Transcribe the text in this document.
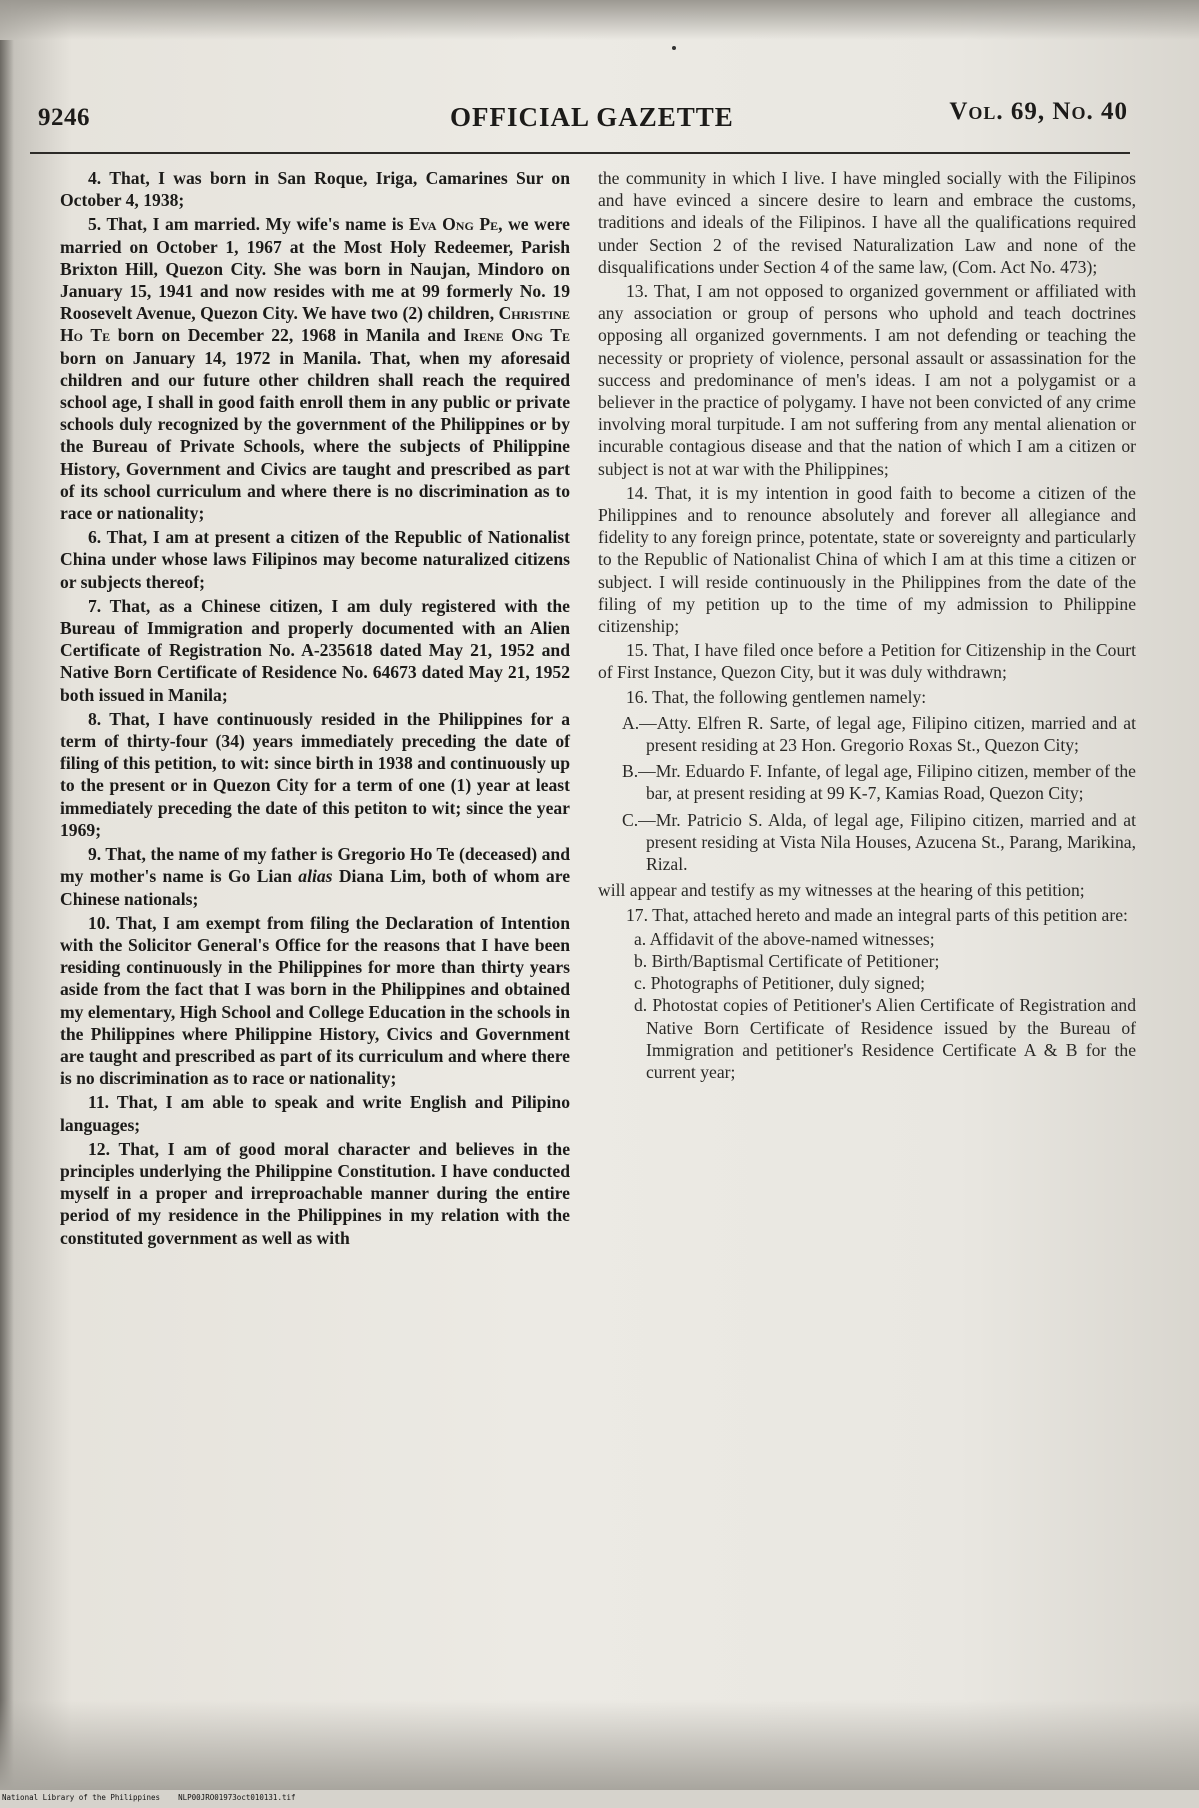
9246	OFFICIAL GAZETTE	Vol. 69, No. 40

4. That, I was born in San Roque, Iriga, Camarines Sur on October 4, 1938;

5. That, I am married. My wife's name is Eva Ong Pe, we were married on October 1, 1967 at the Most Holy Redeemer, Parish Brixton Hill, Quezon City. She was born in Naujan, Mindoro on January 15, 1941 and now resides with me at 99 formerly No. 19 Roosevelt Avenue, Quezon City. We have two (2) children, Christine Ho Te born on December 22, 1968 in Manila and Irene Ong Te born on January 14, 1972 in Manila. That, when my aforesaid children and our future other children shall reach the required school age, I shall in good faith enroll them in any public or private schools duly recognized by the government of the Philippines or by the Bureau of Private Schools, where the subjects of Philippine History, Government and Civics are taught and prescribed as part of its school curriculum and where there is no discrimination as to race or nationality;

6. That, I am at present a citizen of the Republic of Nationalist China under whose laws Filipinos may become naturalized citizens or subjects thereof;

7. That, as a Chinese citizen, I am duly registered with the Bureau of Immigration and properly documented with an Alien Certificate of Registration No. A-235618 dated May 21, 1952 and Native Born Certificate of Residence No. 64673 dated May 21, 1952 both issued in Manila;

8. That, I have continuously resided in the Philippines for a term of thirty-four (34) years immediately preceding the date of filing of this petition, to wit: since birth in 1938 and continuously up to the present or in Quezon City for a term of one (1) year at least immediately preceding the date of this petiton to wit; since the year 1969;

9. That, the name of my father is Gregorio Ho Te (deceased) and my mother's name is Go Lian alias Diana Lim, both of whom are Chinese nationals;

10. That, I am exempt from filing the Declaration of Intention with the Solicitor General's Office for the reasons that I have been residing continuously in the Philippines for more than thirty years aside from the fact that I was born in the Philippines and obtained my elementary, High School and College Education in the schools in the Philippines where Philippine History, Civics and Government are taught and prescribed as part of its curriculum and where there is no discrimination as to race or nationality;

11. That, I am able to speak and write English and Pilipino languages;

12. That, I am of good moral character and believes in the principles underlying the Philippine Constitution. I have conducted myself in a proper and irreproachable manner during the entire period of my residence in the Philippines in my relation with the constituted government as well as with

the community in which I live. I have mingled socially with the Filipinos and have evinced a sincere desire to learn and embrace the customs, traditions and ideals of the Filipinos. I have all the qualifications required under Section 2 of the revised Naturalization Law and none of the disqualifications under Section 4 of the same law, (Com. Act No. 473);

13. That, I am not opposed to organized government or affiliated with any association or group of persons who uphold and teach doctrines opposing all organized governments. I am not defending or teaching the necessity or propriety of violence, personal assault or assassination for the success and predominance of men's ideas. I am not a polygamist or a believer in the practice of polygamy. I have not been convicted of any crime involving moral turpitude. I am not suffering from any mental alienation or incurable contagious disease and that the nation of which I am a citizen or subject is not at war with the Philippines;

14. That, it is my intention in good faith to become a citizen of the Philippines and to renounce absolutely and forever all allegiance and fidelity to any foreign prince, potentate, state or sovereignty and particularly to the Republic of Nationalist China of which I am at this time a citizen or subject. I will reside continuously in the Philippines from the date of the filing of my petition up to the time of my admission to Philippine citizenship;

15. That, I have filed once before a Petition for Citizenship in the Court of First Instance, Quezon City, but it was duly withdrawn;

16. That, the following gentlemen namely:

A.—Atty. Elfren R. Sarte, of legal age, Filipino citizen, married and at present residing at 23 Hon. Gregorio Roxas St., Quezon City;

B.—Mr. Eduardo F. Infante, of legal age, Filipino citizen, member of the bar, at present residing at 99 K-7, Kamias Road, Quezon City;

C.—Mr. Patricio S. Alda, of legal age, Filipino citizen, married and at present residing at Vista Nila Houses, Azucena St., Parang, Marikina, Rizal.

will appear and testify as my witnesses at the hearing of this petition;

17. That, attached hereto and made an integral parts of this petition are:

a. Affidavit of the above-named witnesses;

b. Birth/Baptismal Certificate of Petitioner;

c. Photographs of Petitioner, duly signed;

d. Photostat copies of Petitioner's Alien Certificate of Registration and Native Born Certificate of Residence issued by the Bureau of Immigration and petitioner's Residence Certificate A & B for the current year;

National Library of the Philippines NLP00JRO01973oct010131.tif
